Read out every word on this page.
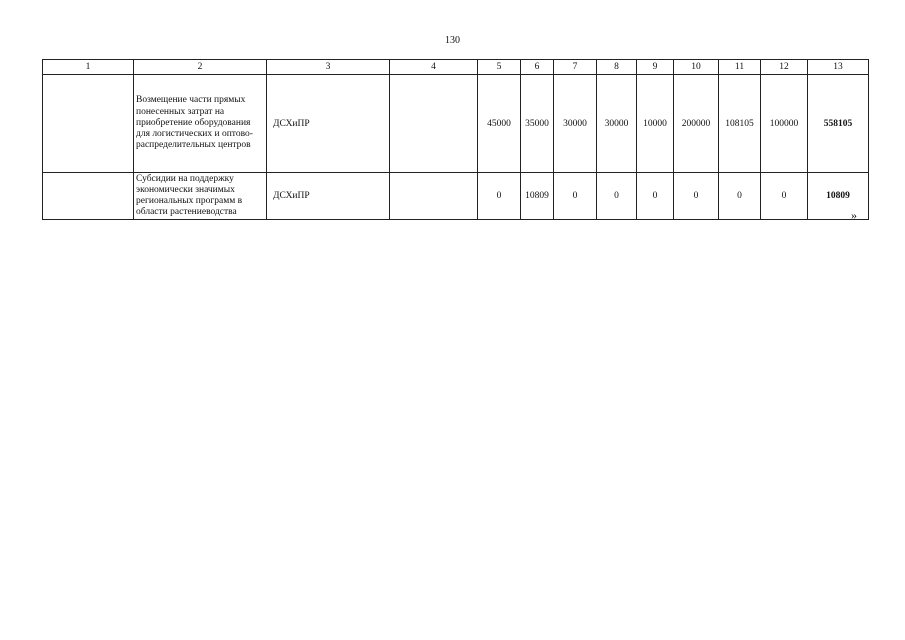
130
1	2	3	4	5	6	7	8	9	10	11	12	13
	Возмещение части прямых понесенных затрат на приобретение оборудования для логистических и оптово-распределительных центров	ДСХиПР		45000	35000	30000	30000	10000	200000	108105	100000	558105
	Субсидии на поддержку экономически значимых региональных программ в области растениеводства	ДСХиПР		0	10809	0	0	0	0	0	0	10809
»
